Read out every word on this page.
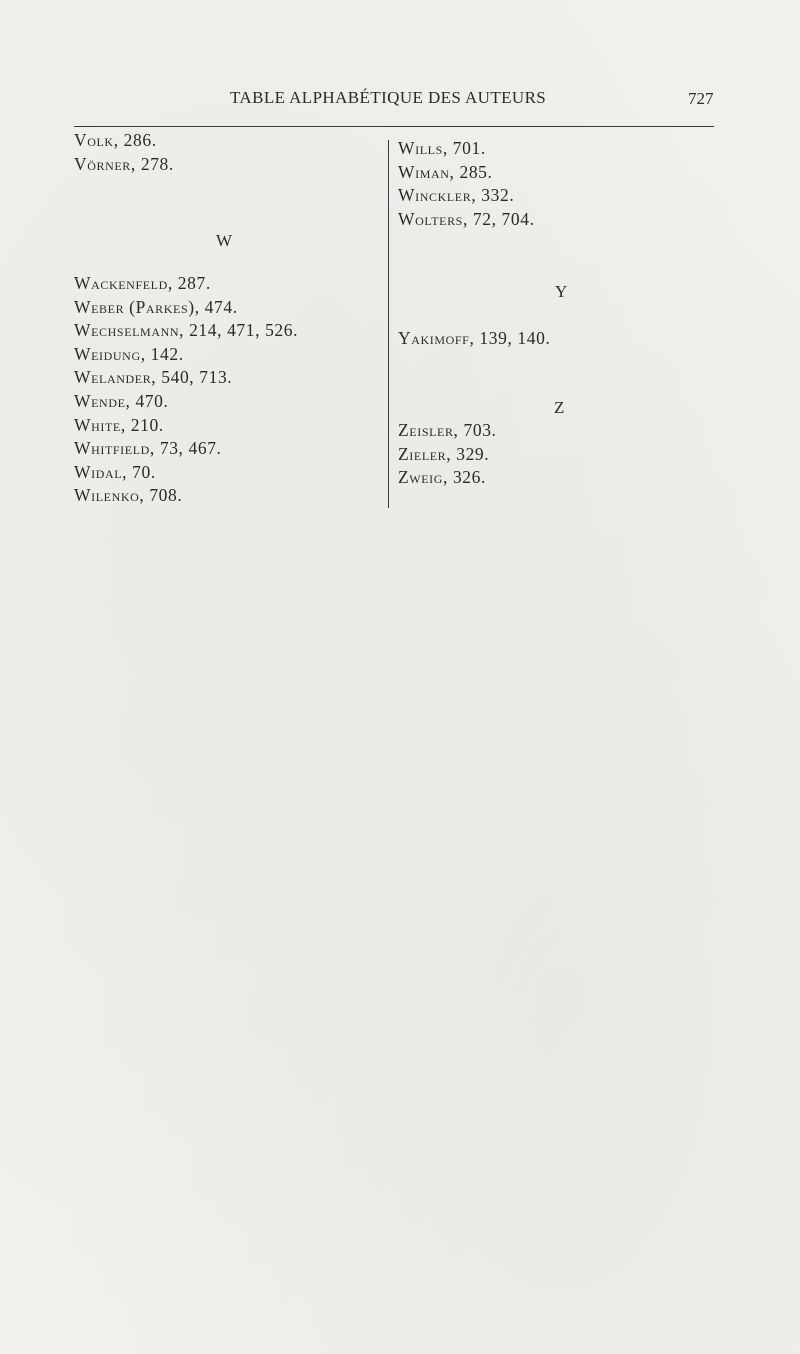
TABLE ALPHABÉTIQUE DES AUTEURS	727
Volk, 286.
Vörner, 278.
W
Wackenfeld, 287.
Weber (Parkes), 474.
Wechselmann, 214, 471, 526.
Weidung, 142.
Welander, 540, 713.
Wende, 470.
White, 210.
Whitfield, 73, 467.
Widal, 70.
Wilenko, 708.
Wills, 701.
Wiman, 285.
Winckler, 332.
Wolters, 72, 704.
Y
Yakimoff, 139, 140.
Z
Zeisler, 703.
Zieler, 329.
Zweig, 326.
